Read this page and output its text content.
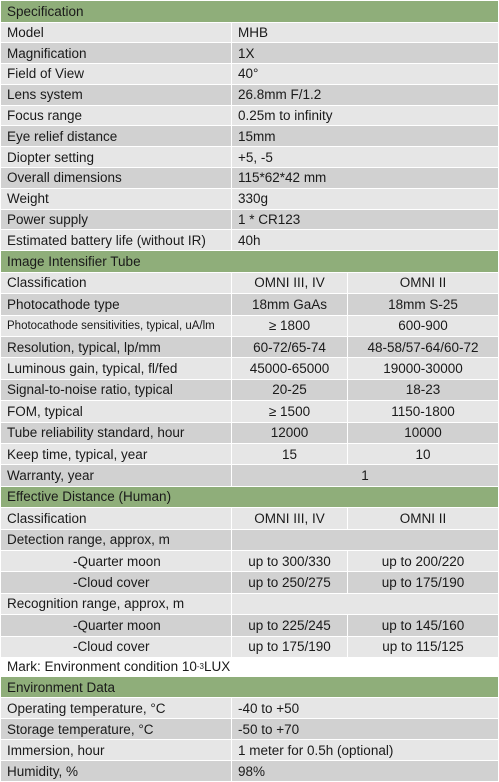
Specification
Model	MHB
Magnification	1X
Field of View	40°
Lens system	26.8mm F/1.2
Focus range	0.25m to infinity
Eye relief distance	15mm
Diopter setting	+5, -5
Overall dimensions	115*62*42 mm
Weight	330g
Power supply	1 * CR123
Estimated battery life (without IR)	40h
Image Intensifier Tube
Classification	OMNI III, IV	OMNI II
Photocathode type	18mm GaAs	18mm S-25
Photocathode sensitivities, typical, uA/lm	≥ 1800	600-900
Resolution, typical, lp/mm	60-72/65-74	48-58/57-64/60-72
Luminous gain, typical, fl/fed	45000-65000	19000-30000
Signal-to-noise ratio, typical	20-25	18-23
FOM, typical	≥ 1500	1150-1800
Tube reliability standard, hour	12000	10000
Keep time, typical, year	15	10
Warranty, year	1
Effective Distance (Human)
Classification	OMNI III, IV	OMNI II
Detection range, approx, m
-Quarter moon	up to 300/330	up to 200/220
-Cloud cover	up to 250/275	up to 175/190
Recognition range, approx, m
-Quarter moon	up to 225/245	up to 145/160
-Cloud cover	up to 175/190	up to 115/125
Mark: Environment condition 10 -3 LUX
Environment Data
Operating temperature, °C	-40 to +50
Storage temperature, °C	-50 to +70
Immersion, hour	1 meter for 0.5h (optional)
Humidity, %	98%
